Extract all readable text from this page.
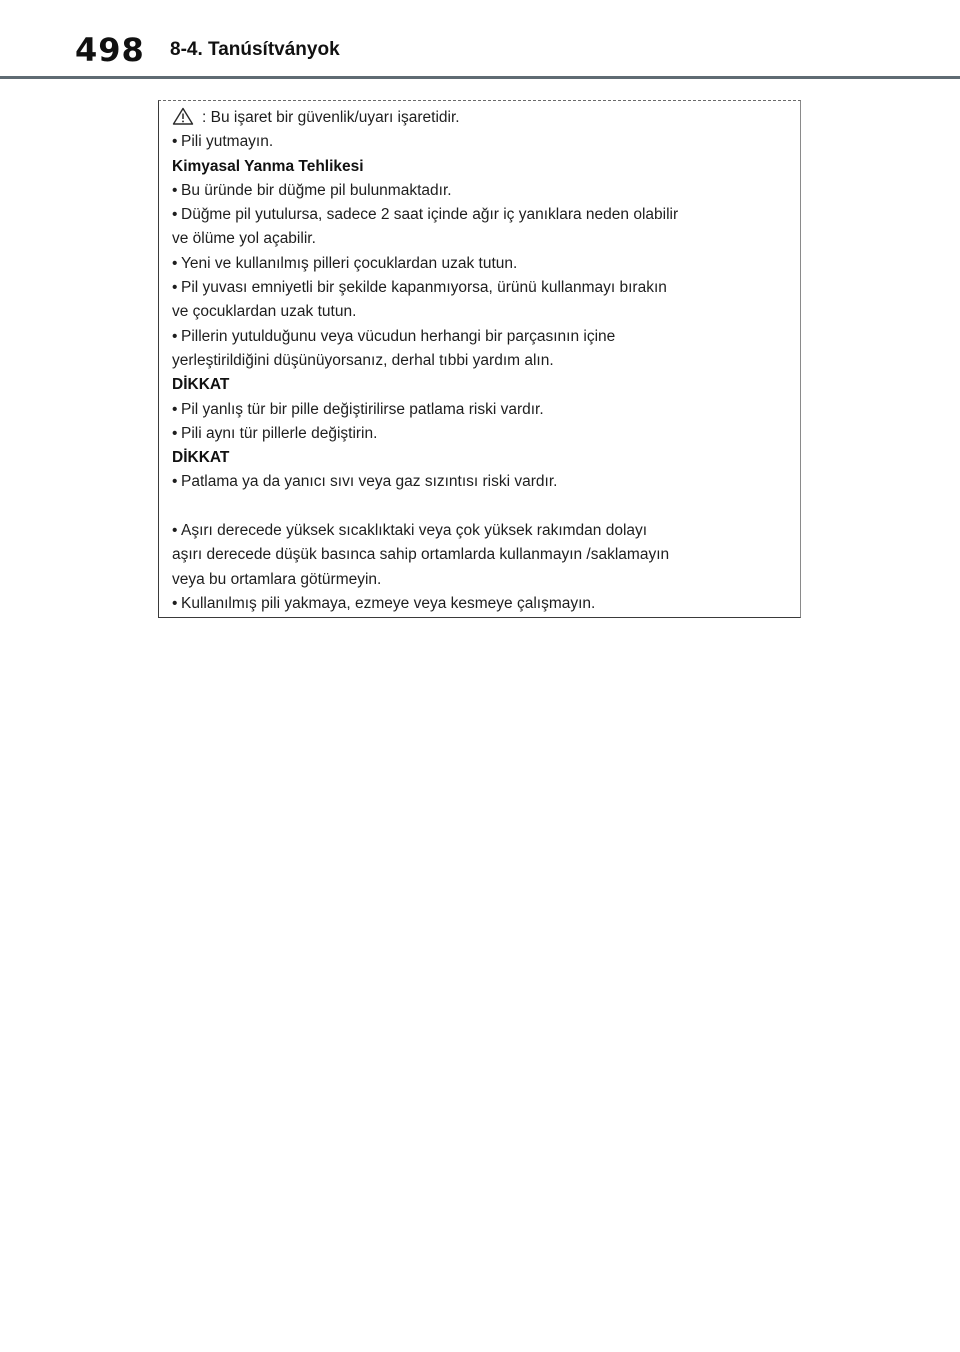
498 8-4. Tanúsítványok
: Bu işaret bir güvenlik/uyarı işaretidir.
• Pili yutmayın.
Kimyasal Yanma Tehlikesi
• Bu üründe bir düğme pil bulunmaktadır.
• Düğme pil yutulursa, sadece 2 saat içinde ağır iç yanıklara neden olabilir
ve ölüme yol açabilir.
• Yeni ve kullanılmış pilleri çocuklardan uzak tutun.
• Pil yuvası emniyetli bir şekilde kapanmıyorsa, ürünü kullanmayı bırakın
ve çocuklardan uzak tutun.
• Pillerin yutulduğunu veya vücudun herhangi bir parçasının içine
yerleştirildiğini düşünüyorsanız, derhal tıbbi yardım alın.
DİKKAT
• Pil yanlış tür bir pille değiştirilirse patlama riski vardır.
• Pili aynı tür pillerle değiştirin.
DİKKAT
• Patlama ya da yanıcı sıvı veya gaz sızıntısı riski vardır.
• Aşırı derecede yüksek sıcaklıktaki veya çok yüksek rakımdan dolayı
aşırı derecede düşük basınca sahip ortamlarda kullanmayın /saklamayın
veya bu ortamlara götürmeyin.
• Kullanılmış pili yakmaya, ezmeye veya kesmeye çalışmayın.
